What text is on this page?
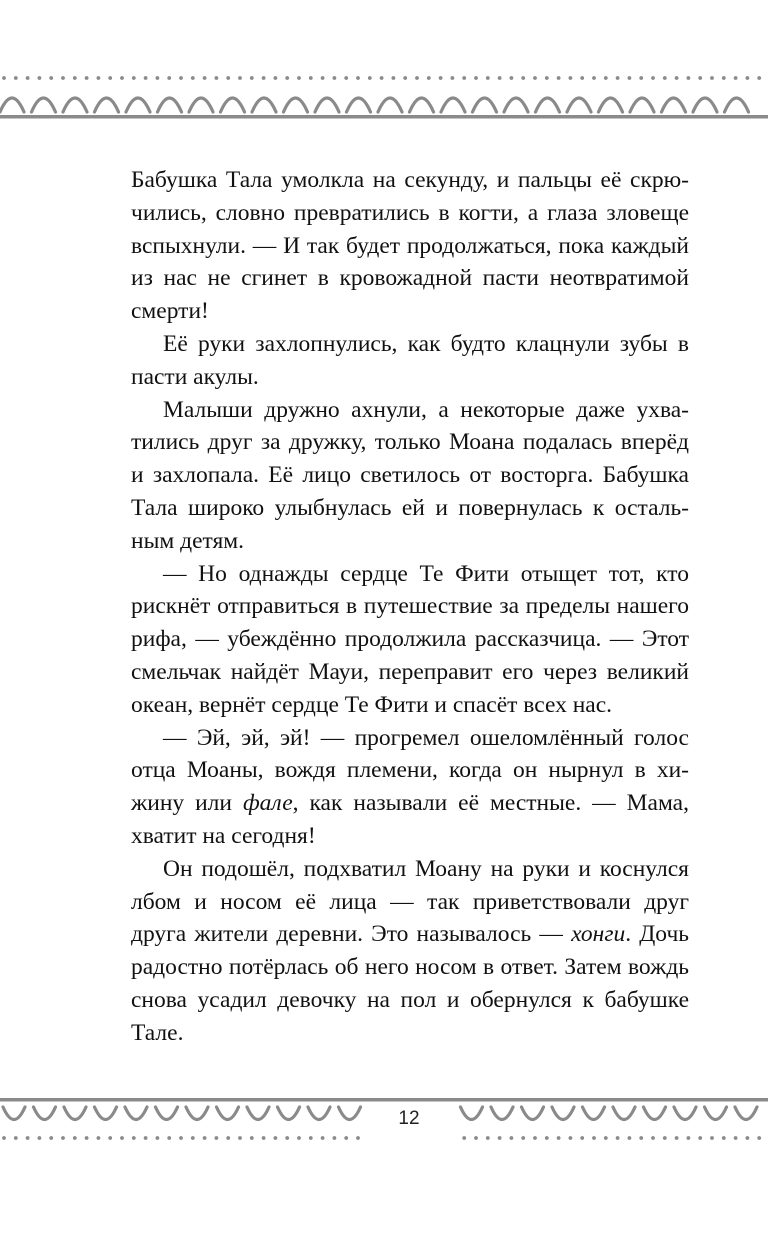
Бабушка Тала умолкла на секунду, и пальцы её скрючились, словно превратились в когти, а глаза зловеще вспыхнули. — И так будет продолжаться, пока каждый из нас не сгинет в кровожадной пасти неотвратимой смерти!

Её руки захлопнулись, как будто клацнули зубы в пасти акулы.

Малыши дружно ахнули, а некоторые даже ухватились друг за дружку, только Моана подалась вперёд и захлопала. Её лицо светилось от восторга. Бабушка Тала широко улыбнулась ей и повернулась к остальным детям.

— Но однажды сердце Те Фити отыщет тот, кто рискнёт отправиться в путешествие за пределы нашего рифа, — убеждённо продолжила рассказчица. — Этот смельчак найдёт Мауи, переправит его через великий океан, вернёт сердце Те Фити и спасёт всех нас.

— Эй, эй, эй! — прогремел ошеломлённый голос отца Моаны, вождя племени, когда он нырнул в хижину или фале, как называли её местные. — Мама, хватит на сегодня!

Он подошёл, подхватил Моану на руки и коснулся лбом и носом её лица — так приветствовали друг друга жители деревни. Это называлось — хонги. Дочь радостно потёрлась об него носом в ответ. Затем вождь снова усадил девочку на пол и обернулся к бабушке Тале.

12
